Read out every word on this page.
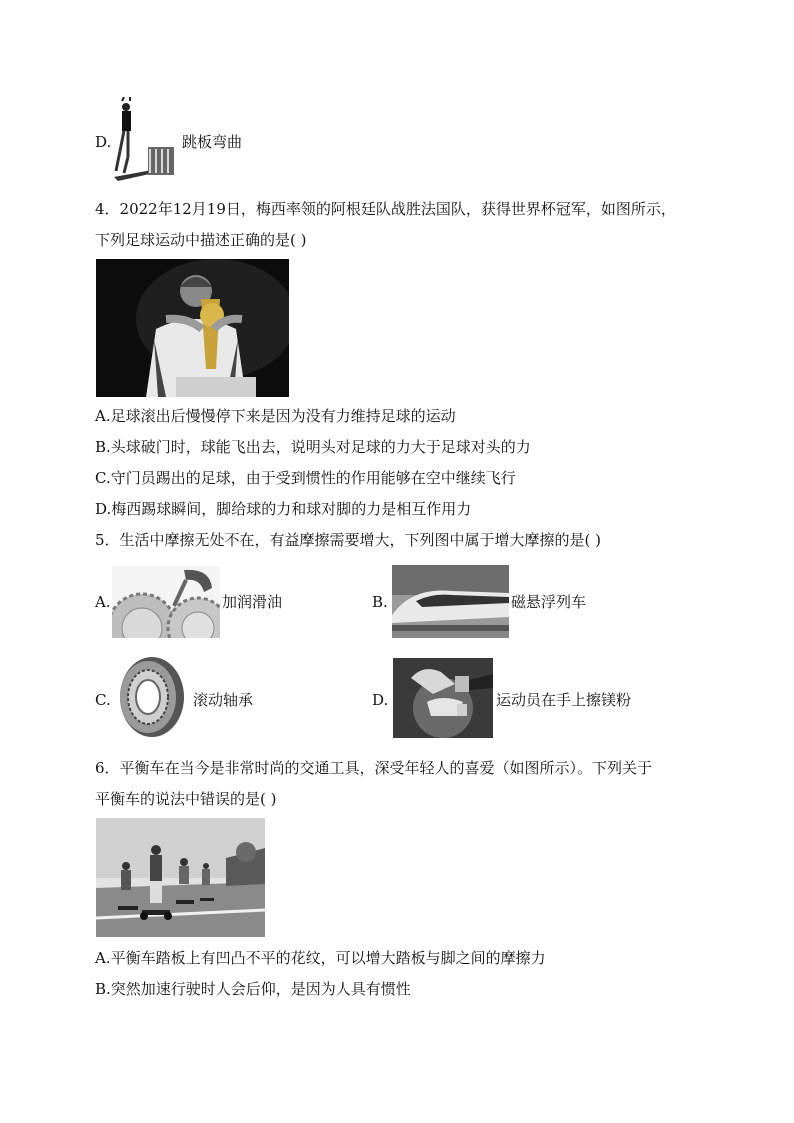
D.	跳板弯曲
4．2022年12月19日，梅西率领的阿根廷队战胜法国队，获得世界杯冠军，如图所示，
下列足球运动中描述正确的是( )
A.足球滚出后慢慢停下来是因为没有力维持足球的运动
B.头球破门时，球能飞出去，说明头对足球的力大于足球对头的力
C.守门员踢出的足球，由于受到惯性的作用能够在空中继续飞行
D.梅西踢球瞬间，脚给球的力和球对脚的力是相互作用力
5．生活中摩擦无处不在，有益摩擦需要增大，下列图中属于增大摩擦的是( )
A.	加润滑油	B.	磁悬浮列车
C.	滚动轴承	D.	运动员在手上擦镁粉
6．平衡车在当今是非常时尚的交通工具，深受年轻人的喜爱（如图所示）。下列关于
平衡车的说法中错误的是( )
A.平衡车踏板上有凹凸不平的花纹，可以增大踏板与脚之间的摩擦力
B.突然加速行驶时人会后仰，是因为人具有惯性
